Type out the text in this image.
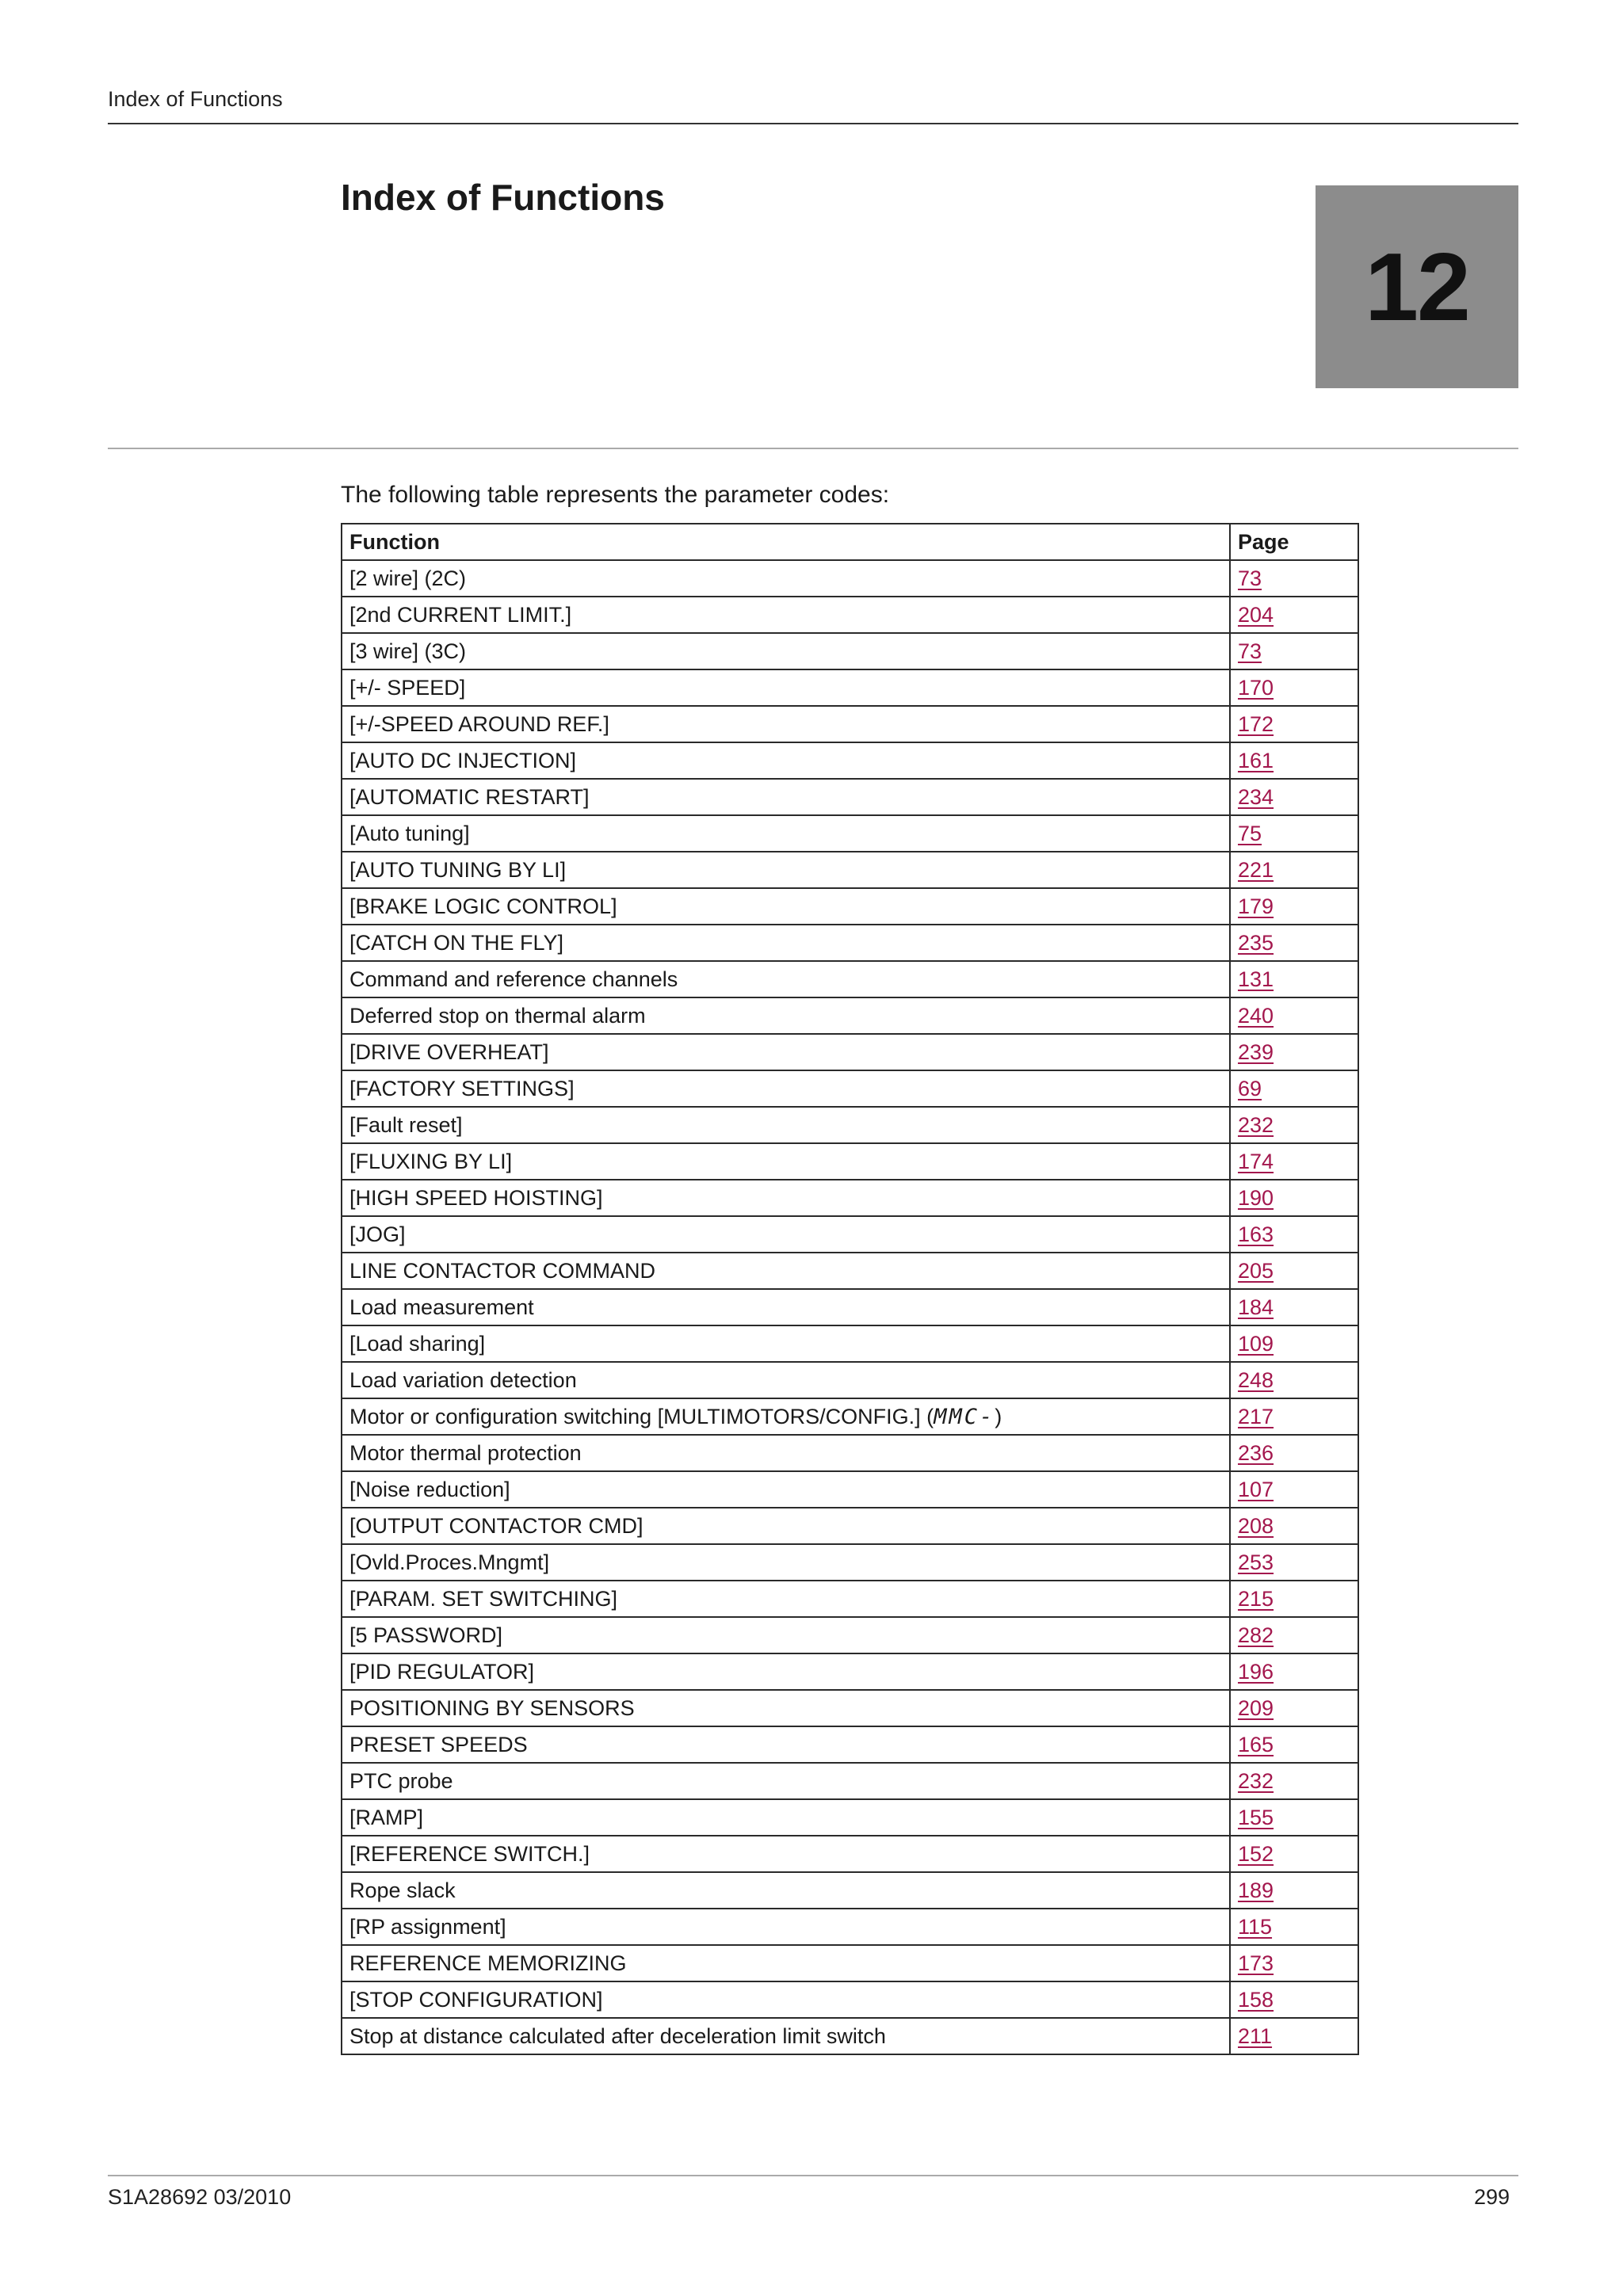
Index of Functions
Index of Functions
12
The following table represents the parameter codes:
Function	Page
[2 wire] (2C)	73
[2nd CURRENT LIMIT.]	204
[3 wire] (3C)	73
[+/- SPEED]	170
[+/-SPEED AROUND REF.]	172
[AUTO DC INJECTION]	161
[AUTOMATIC RESTART]	234
[Auto tuning]	75
[AUTO TUNING BY LI]	221
[BRAKE LOGIC CONTROL]	179
[CATCH ON THE FLY]	235
Command and reference channels	131
Deferred stop on thermal alarm	240
[DRIVE OVERHEAT]	239
[FACTORY SETTINGS]	69
[Fault reset]	232
[FLUXING BY LI]	174
[HIGH SPEED HOISTING]	190
[JOG]	163
LINE CONTACTOR COMMAND	205
Load measurement	184
[Load sharing]	109
Load variation detection	248
Motor or configuration switching [MULTIMOTORS/CONFIG.] (MMC-)	217
Motor thermal protection	236
[Noise reduction]	107
[OUTPUT CONTACTOR CMD]	208
[Ovld.Proces.Mngmt]	253
[PARAM. SET SWITCHING]	215
[5 PASSWORD]	282
[PID REGULATOR]	196
POSITIONING BY SENSORS	209
PRESET SPEEDS	165
PTC probe	232
[RAMP]	155
[REFERENCE SWITCH.]	152
Rope slack	189
[RP assignment]	115
REFERENCE MEMORIZING	173
[STOP CONFIGURATION]	158
Stop at distance calculated after deceleration limit switch	211
S1A28692 03/2010	299
